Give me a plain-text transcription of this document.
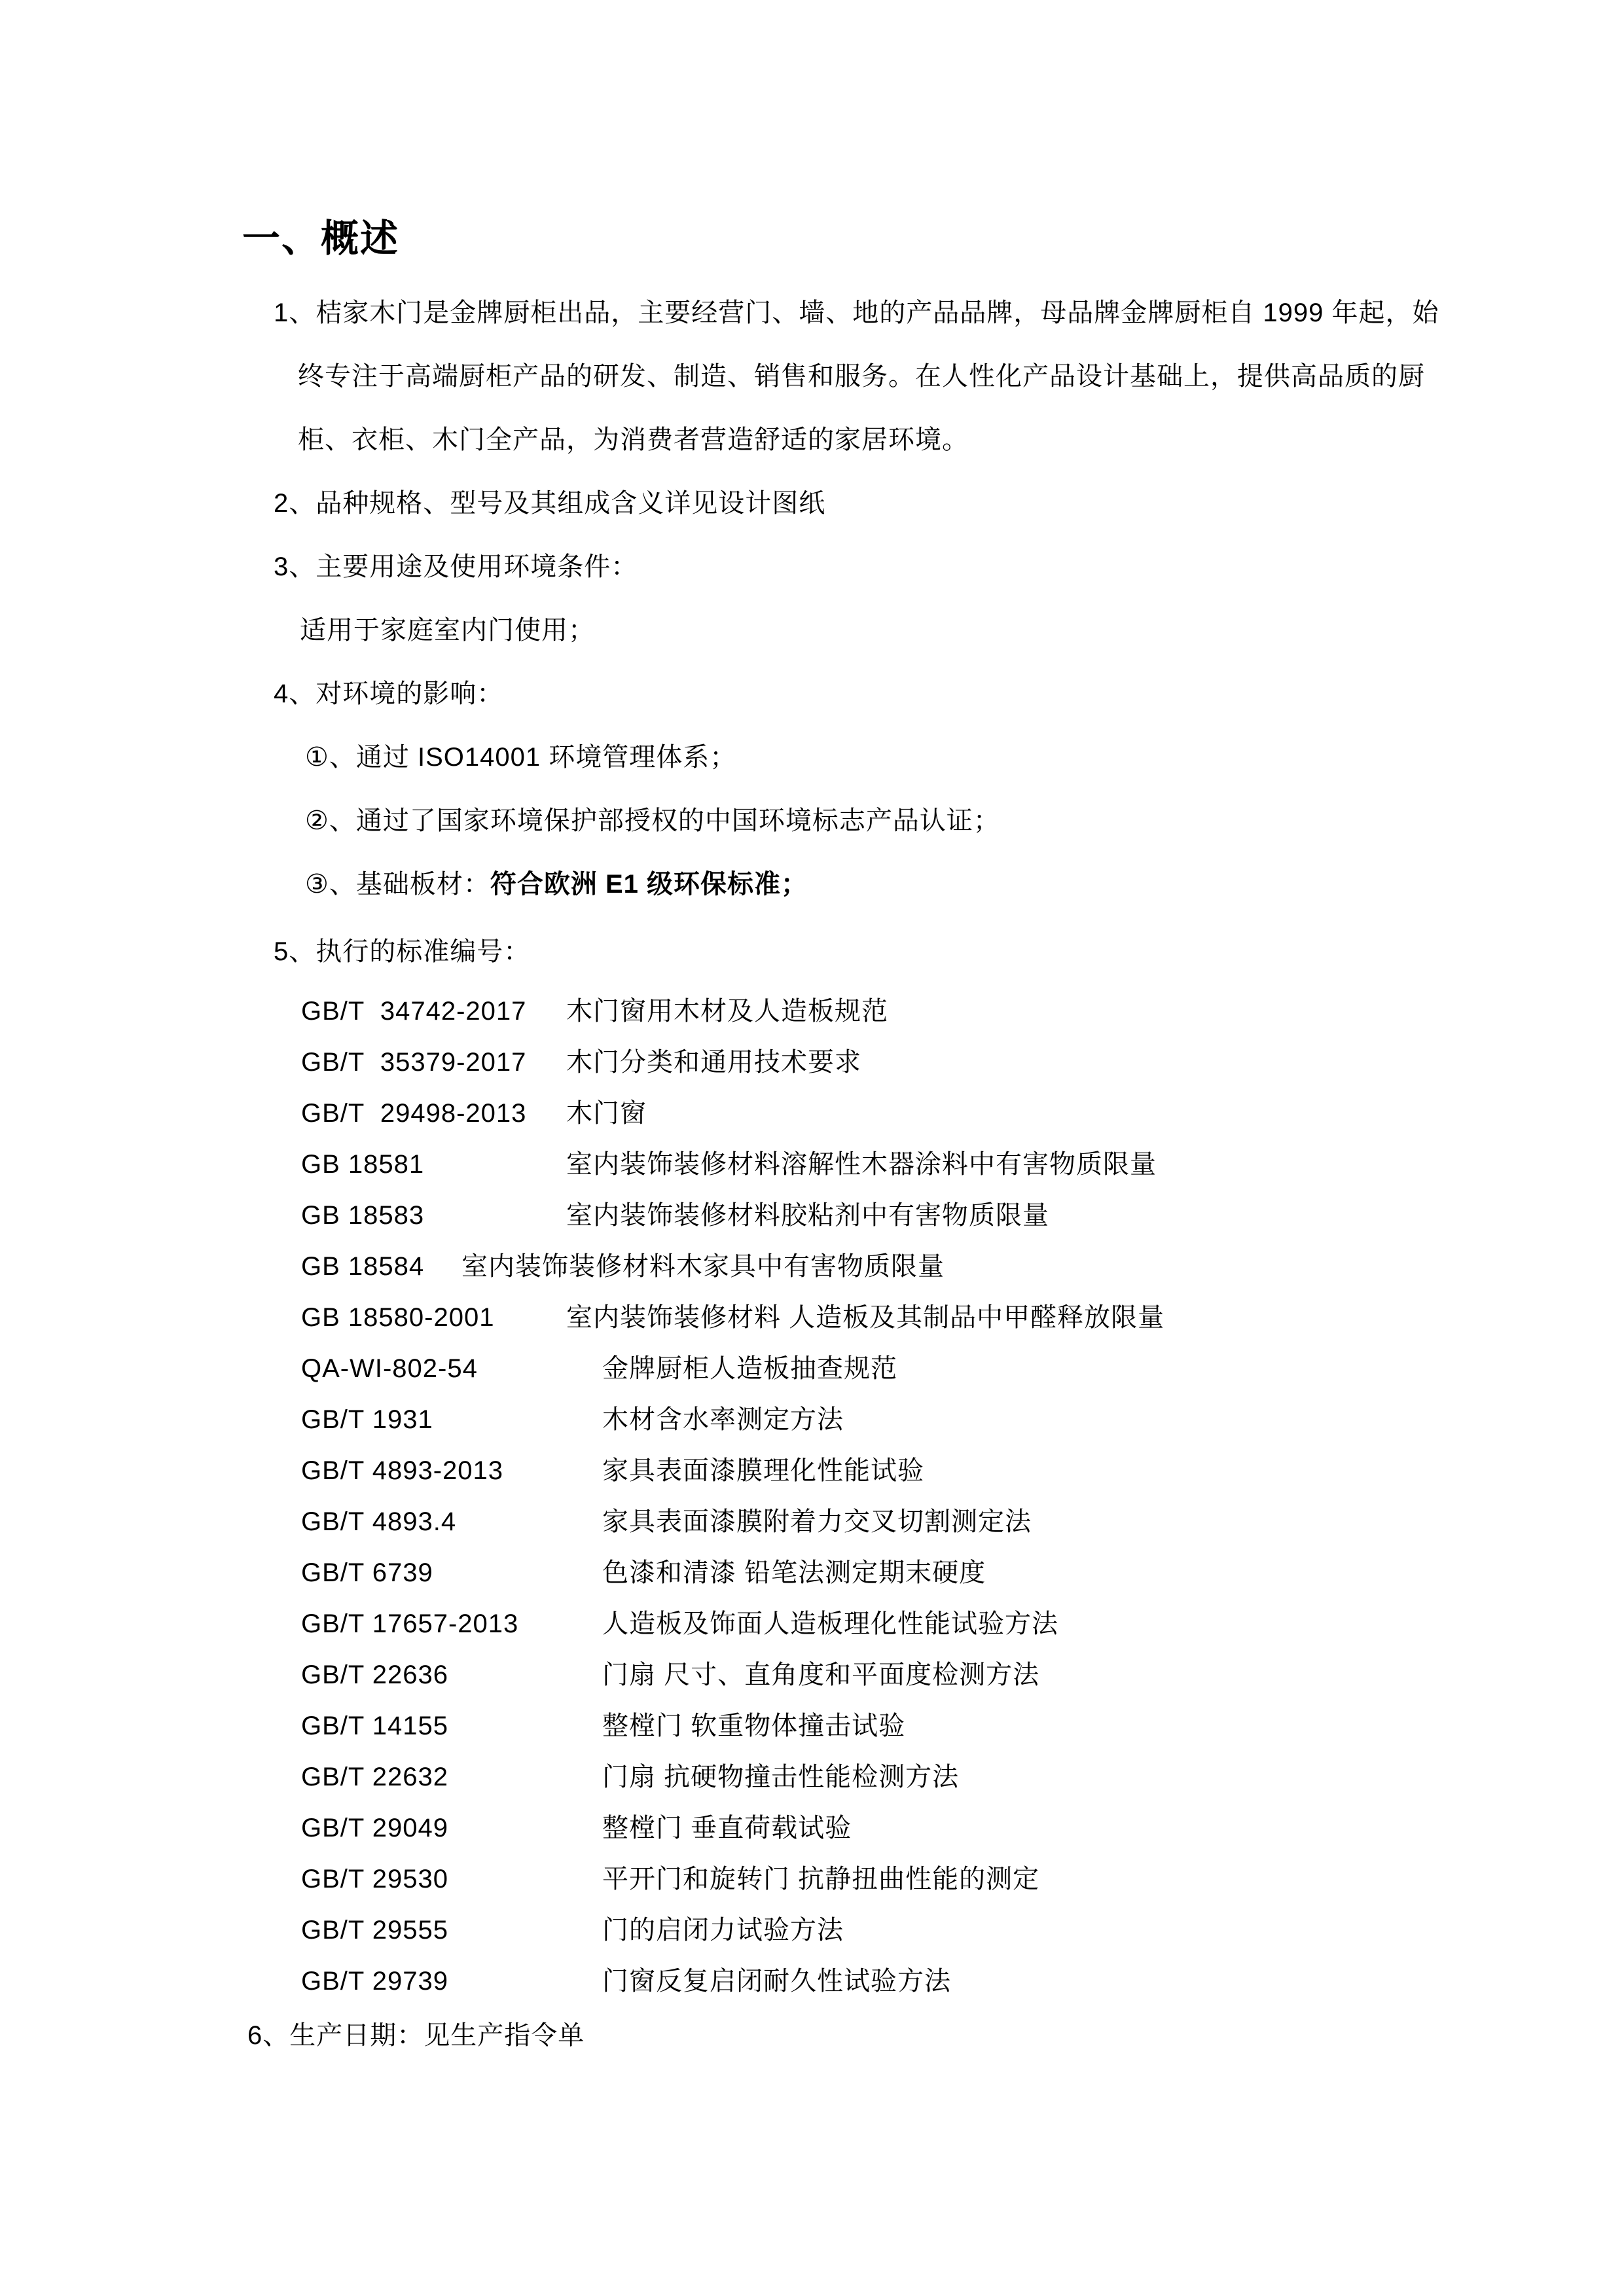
一、概述

1、桔家木门是金牌厨柜出品，主要经营门、墙、地的产品品牌，母品牌金牌厨柜自 1999 年起，始

终专注于高端厨柜产品的研发、制造、销售和服务。在人性化产品设计基础上，提供高品质的厨

柜、衣柜、木门全产品，为消费者营造舒适的家居环境。

2、品种规格、型号及其组成含义详见设计图纸

3、主要用途及使用环境条件：

适用于家庭室内门使用；

4、对环境的影响：

①、通过 ISO14001 环境管理体系；

②、通过了国家环境保护部授权的中国环境标志产品认证；

③、基础板材：符合欧洲 E1 级环保标准；

5、执行的标准编号：

GB/T  34742-2017	木门窗用木材及人造板规范
GB/T  35379-2017	木门分类和通用技术要求
GB/T  29498-2013	木门窗
GB 18581	室内装饰装修材料溶解性木器涂料中有害物质限量
GB 18583	室内装饰装修材料胶粘剂中有害物质限量
GB 18584	室内装饰装修材料木家具中有害物质限量
GB 18580-2001	室内装饰装修材料 人造板及其制品中甲醛释放限量
QA-WI-802-54	金牌厨柜人造板抽查规范
GB/T 1931	木材含水率测定方法
GB/T 4893-2013	家具表面漆膜理化性能试验
GB/T 4893.4	家具表面漆膜附着力交叉切割测定法
GB/T 6739	色漆和清漆 铅笔法测定期末硬度
GB/T 17657-2013	人造板及饰面人造板理化性能试验方法
GB/T 22636	门扇 尺寸、直角度和平面度检测方法
GB/T 14155	整樘门 软重物体撞击试验
GB/T 22632	门扇 抗硬物撞击性能检测方法
GB/T 29049	整樘门 垂直荷载试验
GB/T 29530	平开门和旋转门 抗静扭曲性能的测定
GB/T 29555	门的启闭力试验方法
GB/T 29739	门窗反复启闭耐久性试验方法

6、生产日期：见生产指令单
